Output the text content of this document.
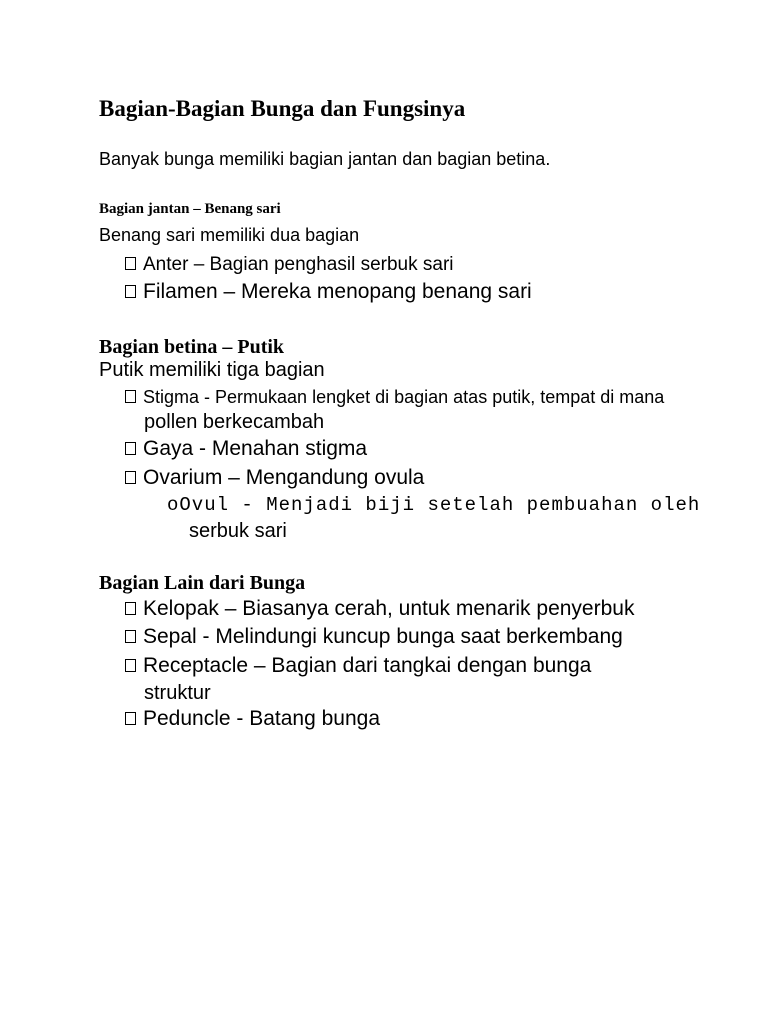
Bagian-Bagian Bunga dan Fungsinya
Banyak bunga memiliki bagian jantan dan bagian betina.
Bagian jantan – Benang sari
Benang sari memiliki dua bagian
Anter – Bagian penghasil serbuk sari
Filamen – Mereka menopang benang sari
Bagian betina – Putik
Putik memiliki tiga bagian
Stigma - Permukaan lengket di bagian atas putik, tempat di mana
pollen berkecambah
Gaya - Menahan stigma
Ovarium – Mengandung ovula
oOvul - Menjadi biji setelah pembuahan oleh
serbuk sari
Bagian Lain dari Bunga
Kelopak – Biasanya cerah, untuk menarik penyerbuk
Sepal - Melindungi kuncup bunga saat berkembang
Receptacle – Bagian dari tangkai dengan bunga
struktur
Peduncle - Batang bunga
